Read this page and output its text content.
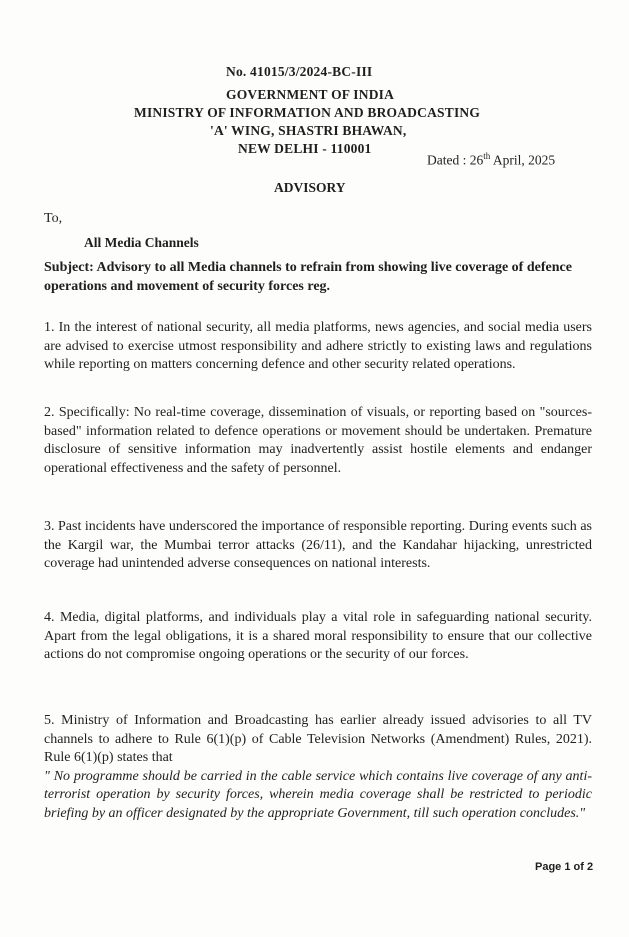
No. 41015/3/2024-BC-III
GOVERNMENT OF INDIA
MINISTRY OF INFORMATION AND BROADCASTING
'A' WING, SHASTRI BHAWAN,
NEW DELHI - 110001
Dated : 26th April, 2025
ADVISORY
To,
All Media Channels
Subject: Advisory to all Media channels to refrain from showing live coverage of defence operations and movement of security forces reg.
1. In the interest of national security, all media platforms, news agencies, and social media users are advised to exercise utmost responsibility and adhere strictly to existing laws and regulations while reporting on matters concerning defence and other security related operations.
2. Specifically: No real-time coverage, dissemination of visuals, or reporting based on "sources-based" information related to defence operations or movement should be undertaken. Premature disclosure of sensitive information may inadvertently assist hostile elements and endanger operational effectiveness and the safety of personnel.
3. Past incidents have underscored the importance of responsible reporting. During events such as the Kargil war, the Mumbai terror attacks (26/11), and the Kandahar hijacking, unrestricted coverage had unintended adverse consequences on national interests.
4. Media, digital platforms, and individuals play a vital role in safeguarding national security. Apart from the legal obligations, it is a shared moral responsibility to ensure that our collective actions do not compromise ongoing operations or the security of our forces.
5. Ministry of Information and Broadcasting has earlier already issued advisories to all TV channels to adhere to Rule 6(1)(p) of Cable Television Networks (Amendment) Rules, 2021). Rule 6(1)(p) states that
" No programme should be carried in the cable service which contains live coverage of any anti-terrorist operation by security forces, wherein media coverage shall be restricted to periodic briefing by an officer designated by the appropriate Government, till such operation concludes."
Page 1 of 2
